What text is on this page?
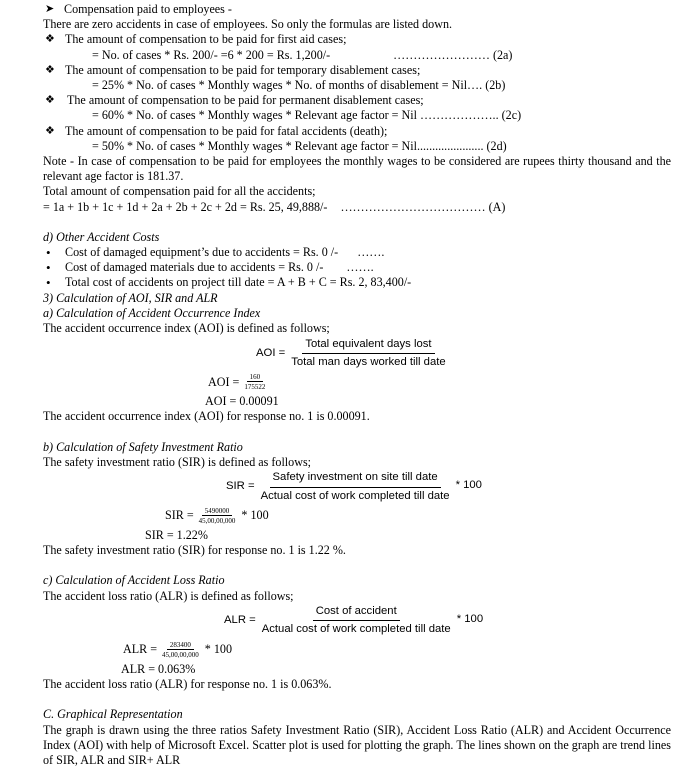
➤ Compensation paid to employees -
There are zero accidents in case of employees. So only the formulas are listed down.
❖ The amount of compensation to be paid for first aid cases;
= No. of cases * Rs. 200/- =6 * 200 = Rs. 1,200/-	…………………… (2a)
❖ The amount of compensation to be paid for temporary disablement cases;
= 25% * No. of cases * Monthly wages * No. of months of disablement = Nil…. (2b)
❖ The amount of compensation to be paid for permanent disablement cases;
= 60% * No. of cases * Monthly wages * Relevant age factor = Nil ……………….. (2c)
❖ The amount of compensation to be paid for fatal accidents (death);
= 50% * No. of cases * Monthly wages * Relevant age factor = Nil...................... (2d)
Note - In case of compensation to be paid for employees the monthly wages to be considered are rupees thirty thousand and the relevant age factor is 181.37.
Total amount of compensation paid for all the accidents;
= 1a + 1b + 1c + 1d + 2a + 2b + 2c + 2d = Rs. 25, 49,888/- ……………………………… (A)
d) Other Accident Costs
• Cost of damaged equipment’s due to accidents = Rs. 0 /- …….
• Cost of damaged materials due to accidents = Rs. 0 /- …….
• Total cost of accidents on project till date = A + B + C = Rs. 2, 83,400/-
3) Calculation of AOI, SIR and ALR
a) Calculation of Accident Occurrence Index
The accident occurrence index (AOI) is defined as follows;
AOI = $\frac{\text{Total equivalent days lost}}{\text{Total man days worked till date}}$
AOI = $\frac{160}{175522}$
AOI = 0.00091
The accident occurrence index (AOI) for response no. 1 is 0.00091.
b) Calculation of Safety Investment Ratio
The safety investment ratio (SIR) is defined as follows;
SIR = $\frac{\text{Safety investment on site till date}}{\text{Actual cost of work completed till date}} * 100$
SIR = $\frac{5490000}{45,00,00,000} * 100$
SIR = 1.22%
The safety investment ratio (SIR) for response no. 1 is 1.22 %.
c) Calculation of Accident Loss Ratio
The accident loss ratio (ALR) is defined as follows;
ALR = $\frac{\text{Cost of accident}}{\text{Actual cost of work completed till date}} * 100$
ALR = $\frac{283400}{45,00,00,000} * 100$
ALR = 0.063%
The accident loss ratio (ALR) for response no. 1 is 0.063%.
C. Graphical Representation
The graph is drawn using the three ratios Safety Investment Ratio (SIR), Accident Loss Ratio (ALR) and Accident Occurrence Index (AOI) with help of Microsoft Excel. Scatter plot is used for plotting the graph. The lines shown on the graph are trend lines of SIR, ALR and SIR+ ALR
